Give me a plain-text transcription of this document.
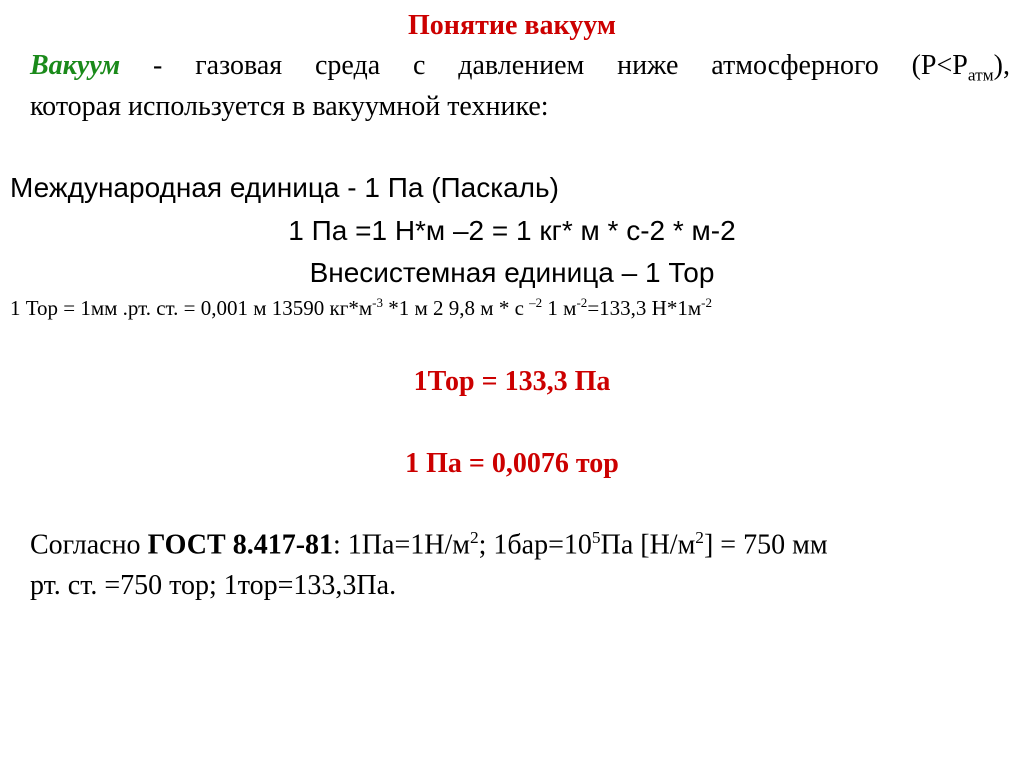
Понятие вакуум
Вакуум - газовая среда с давлением ниже атмосферного $(Р<Р_{атм})$,
которая используется в вакуумной технике:
Международная единица - 1 Па (Паскаль)
1 Па =1 Н*м –2 = 1 кг* м * с-2 * м-2
Внесистемная единица – 1 Тор
1 Тор = 1мм .рт. ст. = 0,001 м 13590 $кг*м^{-3}$ *1 м 2 9,8 м * с $^{-2}$ 1 $м^{-2}=133,3$ $Н*1м^{-2}$
1Тор = 133,3 Па
1 Па = 0,0076 тор
Согласно ГОСТ 8.417-81: $1Па=1Н/м^2$; $1бар=10^5Па$ $[Н/м^2] = 750$ мм
рт. ст. =750 тор; 1тор=133,3Па.
